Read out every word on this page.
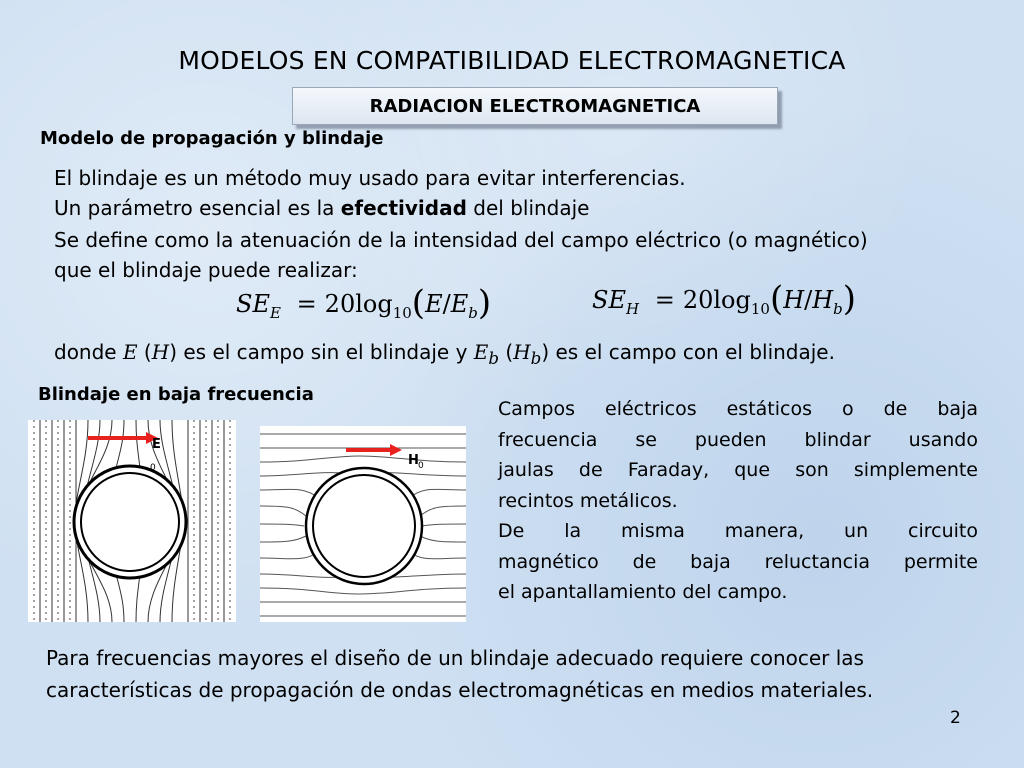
MODELOS EN COMPATIBILIDAD ELECTROMAGNETICA
RADIACION ELECTROMAGNETICA
Modelo de propagación y blindaje
El blindaje es un método muy usado para evitar interferencias.
Un parámetro esencial es la efectividad del blindaje
Se define como la atenuación de la intensidad del campo eléctrico (o magnético)
que el blindaje puede realizar:
$SE_E = 20\log_{10}(E/E_b)$	$SE_H = 20\log_{10}(H/H_b)$
donde E (H) es el campo sin el blindaje y $E_b$ $(H_b)$ es el campo con el blindaje.
Blindaje en baja frecuencia
E
0	H 0
Campos eléctricos estáticos o de baja
frecuencia se pueden blindar usando
jaulas de Faraday, que son simplemente
recintos metálicos.
De la misma manera, un circuito
magnético de baja reluctancia permite
el apantallamiento del campo.
Para frecuencias mayores el diseño de un blindaje adecuado requiere conocer las
características de propagación de ondas electromagnéticas en medios materiales.
2
